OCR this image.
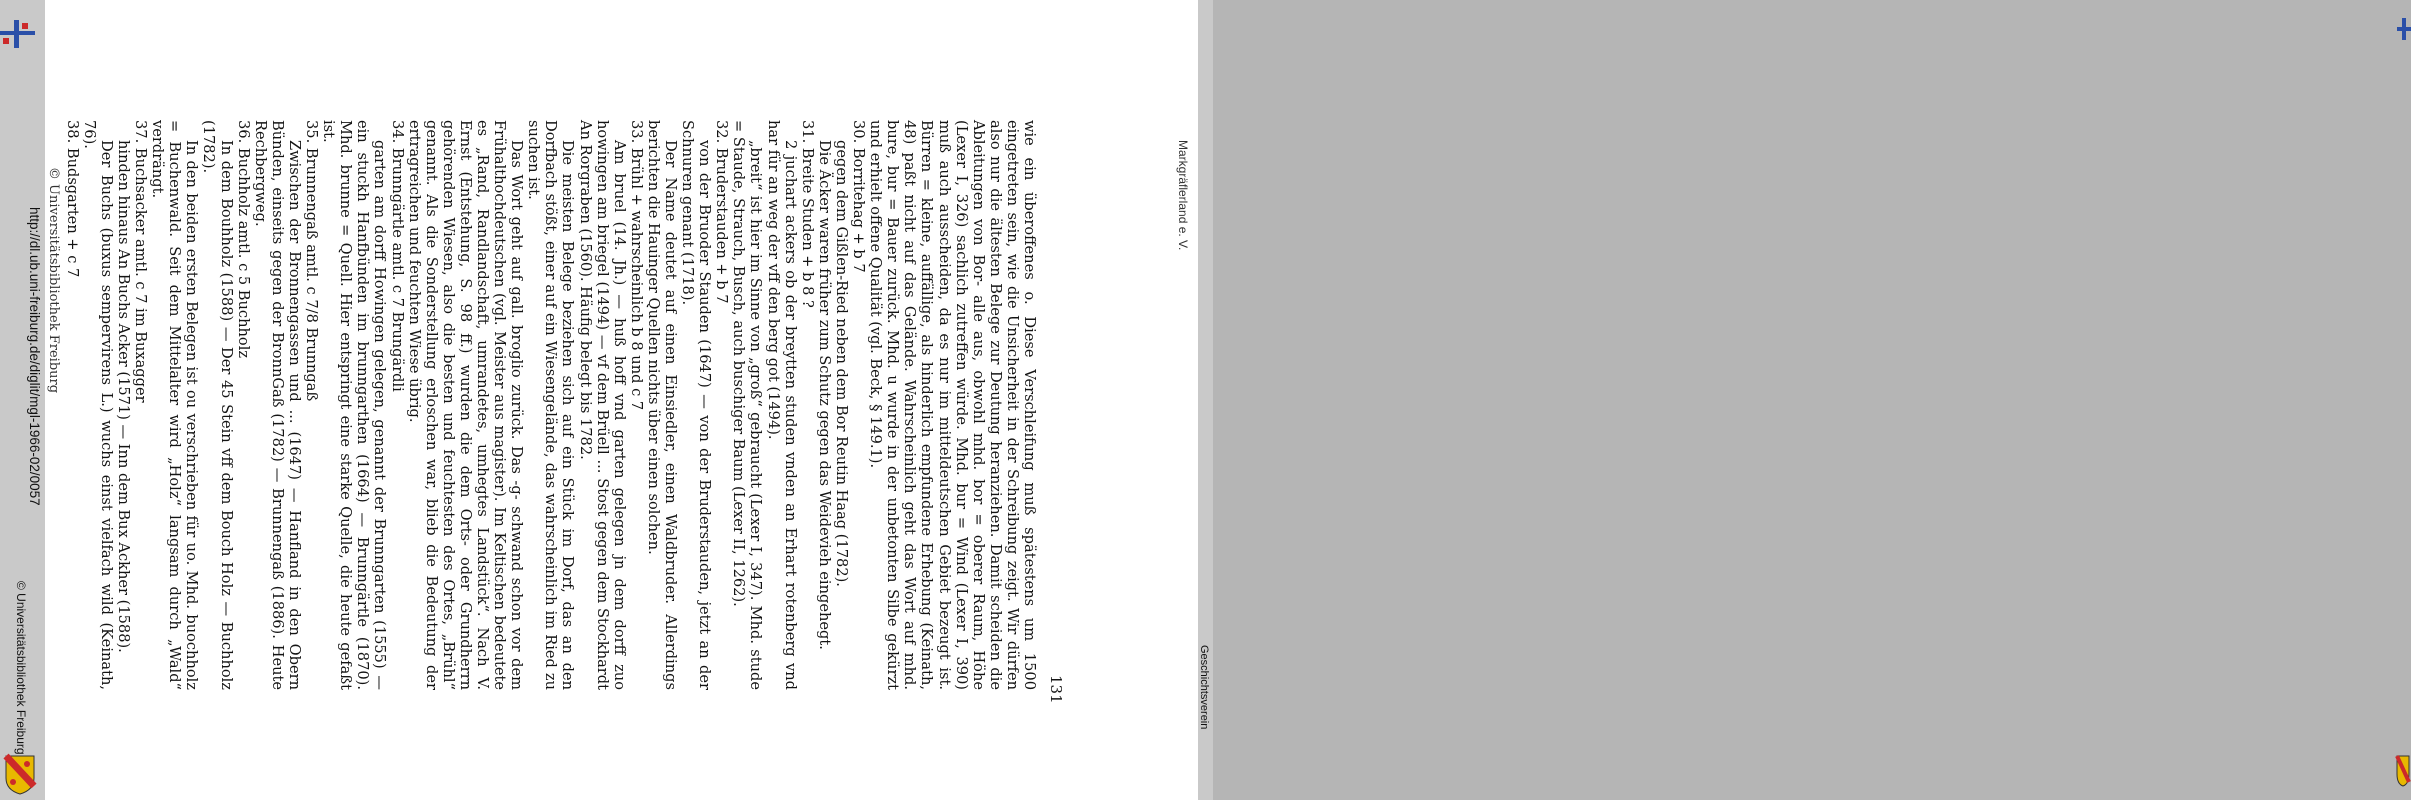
http://dl.ub.uni-freiburg.de/diglit/mgl-1966-02/0057
© Universitätsbibliothek Freiburg	131

wie ein überoffenes o. Diese Verschleifung muß spätestens um 1500 eingetreten sein, wie die Unsicherheit in der Schreibung zeigt. Wir dürfen also nur die ältesten Belege zur Deutung heranziehen. Damit scheiden die Ableitungen von Bor- alle aus, obwohl mhd. bor = oberer Raum, Höhe (Lexer I, 326) sachlich zutreffen würde. Mhd. bur = Wind (Lexer I, 390) muß auch ausscheiden, da es nur im mitteldeutschen Gebiet bezeugt ist. Bürren = kleine, auffällige, als hinderlich empfundene Erhebung (Keinath, 48) paßt nicht auf das Gelände. Wahrscheinlich geht das Wort auf mhd. bure, bur = Bauer zurück. Mhd. u wurde in der unbetonten Silbe gekürzt und erhielt offene Qualität (vgl. Beck, § 149.1).

30. Borritehag + b 7

gegen dem Gißlen-Ried neben dem Bor Reutin Haag (1782).

Die Äcker waren früher zum Schutz gegen das Weidevieh eingehegt.

31. Breite Studen + b 8 ?

2 juchart ackers ob der breytten studen vnden an Erhart rotenberg vnd har für an weg der vff den berg got (1494).

„breit“ ist hier im Sinne von „groß“ gebraucht (Lexer I, 347). Mhd. stude = Staude, Strauch, Busch, auch buschiger Baum (Lexer II, 1262).

32. Bruderstauden + b 7

von der Bruoder Stauden (1647) — von der Bruderstauden, jetzt an der Schnuren genant (1718).

Der Name deutet auf einen Einsiedler, einen Waldbruder. Allerdings berichten die Hauinger Quellen nichts über einen solchen.

33. Brühl + wahrscheinlich b 8 und c 7

Am bruel (14. Jh.) — huß hoff vnd garten gelegen jn dem dorff zuo howingen am briegel (1494) — vf dem Brüell ... Stost gegen dem Stockhardt An Rorgraben (1560). Häufig belegt bis 1782.

Die meisten Belege beziehen sich auf ein Stück im Dorf, das an den Dorfbach stößt, einer auf ein Wiesengelände, das wahrscheinlich im Ried zu suchen ist.

Das Wort geht auf gall. broglio zurück. Das -g- schwand schon vor dem Frühalthochdeutschen (vgl. Meister aus magister). Im Keltischen bedeutete es „Rand, Randlandschaft, umrandetes, umhegtes Landstück“. Nach V. Ernst (Entstehung, S. 98 ff.) wurden die dem Orts- oder Grundherrn gehörenden Wiesen, also die besten und feuchtesten des Ortes, „Brühl“ genannt. Als die Sonderstellung erloschen war, blieb die Bedeutung der ertragreichen und feuchten Wiese übrig.

34. Brunngärtle amtl. c 7 Brungärdli

garten am dorff Howingen gelegen, genannt der Brunngarten (1555) — ein stuckh Hanfbünden im brunngarthen (1664) — Brunngärtle (1870). Mhd. brunne = Quell. Hier entspringt eine starke Quelle, die heute gefaßt ist.

35. Brunnengaß amtl. c 7/8 Brunngaß

Zwischen der Bronnengassen und ... (1647) — Hanfland in den Obern Bünden, einseits gegen der BronnGaß (1782) — Brunnengaß (1886). Heute Rechbergweg.

36. Buchholz amtl. c 5 Buchholz

In dem Bouhholz (1588) — Der 45 Stein vff dem Bouch Holz — Buchholz (1782).

In den beiden ersten Belegen ist ou verschrieben für uo. Mhd. buochholz = Buchenwald. Seit dem Mittelalter wird „Holz“ langsam durch „Wald“ verdrängt.

37. Buchsacker amtl. c 7 im Buxagger

hinden hinaus An Buchs Acker (1571) — Inn dem Bux Ackher (1588).

Der Buchs (buxus sempervirens L.) wuchs einst vielfach wild (Keinath, 76).

38. Budsgarten + c 7

© Universitätsbibliothek Freiburg	Markgräflerland e. V.
Geschichtsverein
